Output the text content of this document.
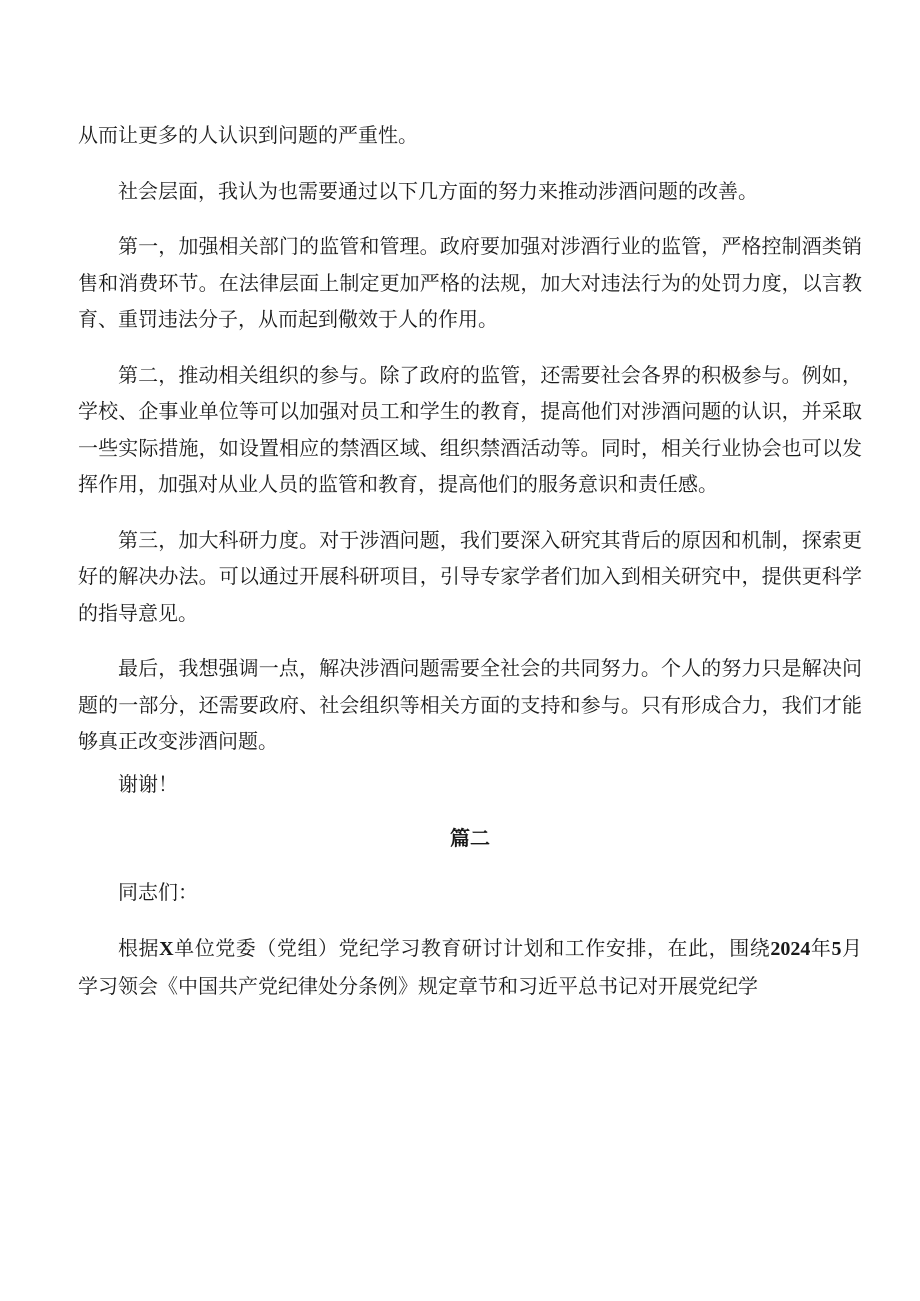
从而让更多的人认识到问题的严重性。

社会层面，我认为也需要通过以下几方面的努力来推动涉酒问题的改善。

第一，加强相关部门的监管和管理。政府要加强对涉酒行业的监管，严格控制酒类销售和消费环节。在法律层面上制定更加严格的法规，加大对违法行为的处罚力度，以言教育、重罚违法分子，从而起到儆效于人的作用。

第二，推动相关组织的参与。除了政府的监管，还需要社会各界的积极参与。例如，学校、企事业单位等可以加强对员工和学生的教育，提高他们对涉酒问题的认识，并采取一些实际措施，如设置相应的禁酒区域、组织禁酒活动等。同时，相关行业协会也可以发挥作用，加强对从业人员的监管和教育，提高他们的服务意识和责任感。

第三，加大科研力度。对于涉酒问题，我们要深入研究其背后的原因和机制，探索更好的解决办法。可以通过开展科研项目，引导专家学者们加入到相关研究中，提供更科学的指导意见。

最后，我想强调一点，解决涉酒问题需要全社会的共同努力。个人的努力只是解决问题的一部分，还需要政府、社会组织等相关方面的支持和参与。只有形成合力，我们才能够真正改变涉酒问题。

谢谢！

篇二

同志们：

根据X单位党委（党组）党纪学习教育研讨计划和工作安排，在此，围绕2024年5月学习领会《中国共产党纪律处分条例》规定章节和习近平总书记对开展党纪学
